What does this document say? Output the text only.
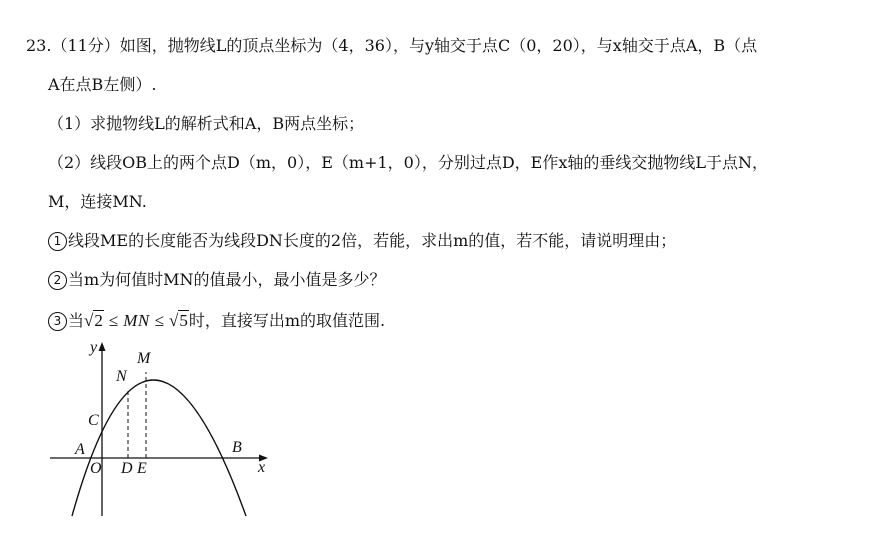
23.（11分）如图，抛物线L的顶点坐标为（4，36），与y轴交于点C（0，20），与x轴交于点A，B（点
A在点B左侧）.
（1）求抛物线L的解析式和A，B两点坐标；
（2）线段OB上的两个点D（m，0），E（m+1，0），分别过点D，E作x轴的垂线交抛物线L于点N，
M，连接MN.
1 线段ME的长度能否为线段DN长度的2倍，若能，求出m的值，若不能，请说明理由；
2 当m为何值时MN的值最小，最小值是多少？
3 当√2 ≤ MN ≤ √5时，直接写出m的取值范围.
y
x
O
A	B
C
D E
N
M
